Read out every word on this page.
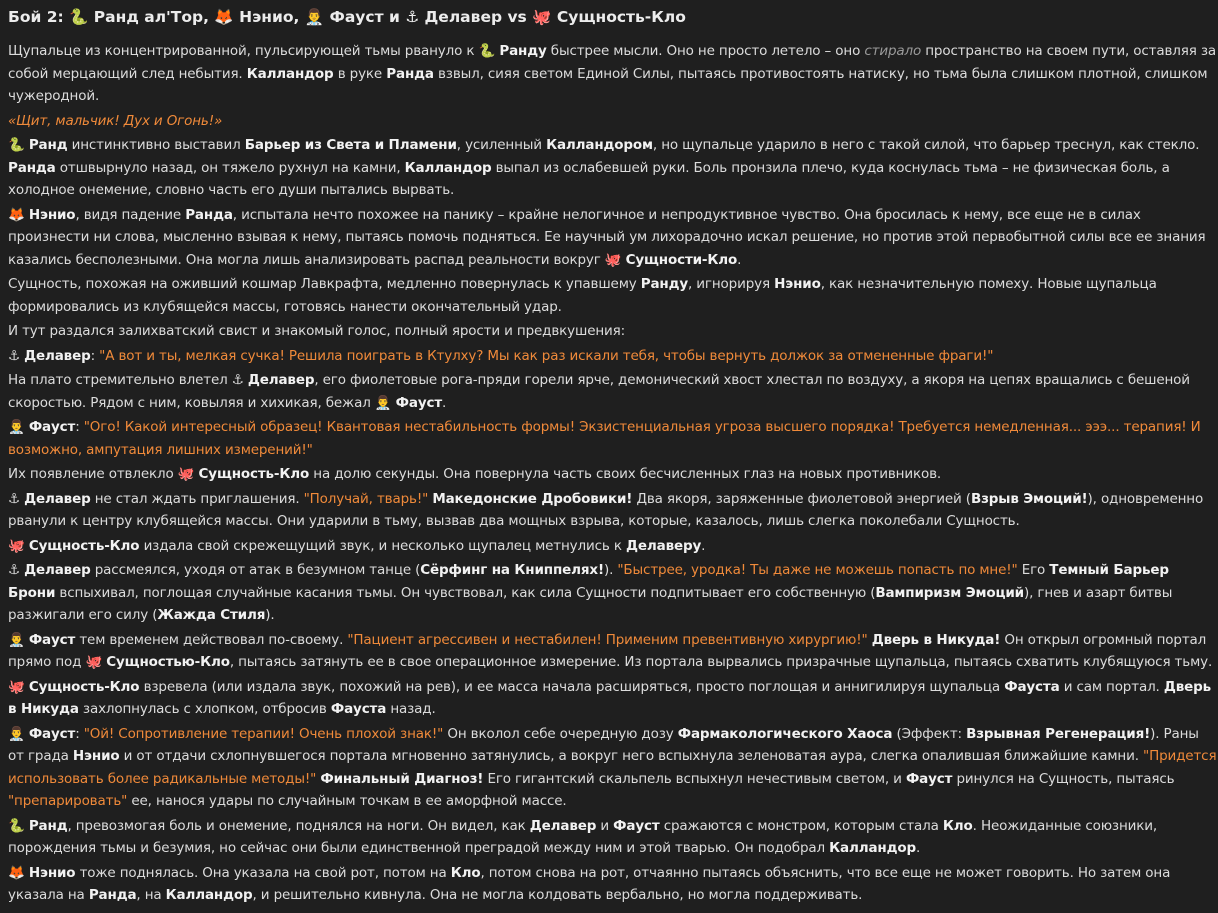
Бой 2: 🐍 Ранд ал'Тор, 🦊 Нэнио, 👨‍⚕️ Фауст и ⚓ Делавер vs 🐙 Сущность-Кло

Щупальце из концентрированной, пульсирующей тьмы рвануло к 🐍 Ранду быстрее мысли. Оно не просто летело – оно стирало пространство на своем пути, оставляя за собой мерцающий след небытия. Калландор в руке Ранда взвыл, сияя светом Единой Силы, пытаясь противостоять натиску, но тьма была слишком плотной, слишком чужеродной.

«Щит, мальчик! Дух и Огонь!»

🐍 Ранд инстинктивно выставил Барьер из Света и Пламени, усиленный Калландором, но щупальце ударило в него с такой силой, что барьер треснул, как стекло. Ранда отшвырнуло назад, он тяжело рухнул на камни, Калландор выпал из ослабевшей руки. Боль пронзила плечо, куда коснулась тьма – не физическая боль, а холодное онемение, словно часть его души пытались вырвать.

🦊 Нэнио, видя падение Ранда, испытала нечто похожее на панику – крайне нелогичное и непродуктивное чувство. Она бросилась к нему, все еще не в силах произнести ни слова, мысленно взывая к нему, пытаясь помочь подняться. Ее научный ум лихорадочно искал решение, но против этой первобытной силы все ее знания казались бесполезными. Она могла лишь анализировать распад реальности вокруг 🐙 Сущности-Кло.

Сущность, похожая на оживший кошмар Лавкрафта, медленно повернулась к упавшему Ранду, игнорируя Нэнио, как незначительную помеху. Новые щупальца формировались из клубящейся массы, готовясь нанести окончательный удар.

И тут раздался залихватский свист и знакомый голос, полный ярости и предвкушения:

⚓ Делавер: "А вот и ты, мелкая сучка! Решила поиграть в Ктулху? Мы как раз искали тебя, чтобы вернуть должок за отмененные фраги!"

На плато стремительно влетел ⚓ Делавер, его фиолетовые рога-пряди горели ярче, демонический хвост хлестал по воздуху, а якоря на цепях вращались с бешеной скоростью. Рядом с ним, ковыляя и хихикая, бежал 👨‍⚕️ Фауст.

👨‍⚕️ Фауст: "Ого! Какой интересный образец! Квантовая нестабильность формы! Экзистенциальная угроза высшего порядка! Требуется немедленная... эээ... терапия! И возможно, ампутация лишних измерений!"

Их появление отвлекло 🐙 Сущность-Кло на долю секунды. Она повернула часть своих бесчисленных глаз на новых противников.

⚓ Делавер не стал ждать приглашения. "Получай, тварь!" Македонские Дробовики! Два якоря, заряженные фиолетовой энергией (Взрыв Эмоций!), одновременно рванули к центру клубящейся массы. Они ударили в тьму, вызвав два мощных взрыва, которые, казалось, лишь слегка поколебали Сущность.

🐙 Сущность-Кло издала свой скрежещущий звук, и несколько щупалец метнулись к Делаверу.

⚓ Делавер рассмеялся, уходя от атак в безумном танце (Сёрфинг на Книппелях!). "Быстрее, уродка! Ты даже не можешь попасть по мне!" Его Темный Барьер Брони вспыхивал, поглощая случайные касания тьмы. Он чувствовал, как сила Сущности подпитывает его собственную (Вампиризм Эмоций), гнев и азарт битвы разжигали его силу (Жажда Стиля).

👨‍⚕️ Фауст тем временем действовал по-своему. "Пациент агрессивен и нестабилен! Применим превентивную хирургию!" Дверь в Никуда! Он открыл огромный портал прямо под 🐙 Сущностью-Кло, пытаясь затянуть ее в свое операционное измерение. Из портала вырвались призрачные щупальца, пытаясь схватить клубящуюся тьму.

🐙 Сущность-Кло взревела (или издала звук, похожий на рев), и ее масса начала расширяться, просто поглощая и аннигилируя щупальца Фауста и сам портал. Дверь в Никуда захлопнулась с хлопком, отбросив Фауста назад.

👨‍⚕️ Фауст: "Ой! Сопротивление терапии! Очень плохой знак!" Он вколол себе очередную дозу Фармакологического Хаоса (Эффект: Взрывная Регенерация!). Раны от града Нэнио и от отдачи схлопнувшегося портала мгновенно затянулись, а вокруг него вспыхнула зеленоватая аура, слегка опалившая ближайшие камни. "Придется использовать более радикальные методы!" Финальный Диагноз! Его гигантский скальпель вспыхнул нечестивым светом, и Фауст ринулся на Сущность, пытаясь "препарировать" ее, нанося удары по случайным точкам в ее аморфной массе.

🐍 Ранд, превозмогая боль и онемение, поднялся на ноги. Он видел, как Делавер и Фауст сражаются с монстром, которым стала Кло. Неожиданные союзники, порождения тьмы и безумия, но сейчас они были единственной преградой между ним и этой тварью. Он подобрал Калландор.

🦊 Нэнио тоже поднялась. Она указала на свой рот, потом на Кло, потом снова на рот, отчаянно пытаясь объяснить, что все еще не может говорить. Но затем она указала на Ранда, на Калландор, и решительно кивнула. Она не могла колдовать вербально, но могла поддерживать.
